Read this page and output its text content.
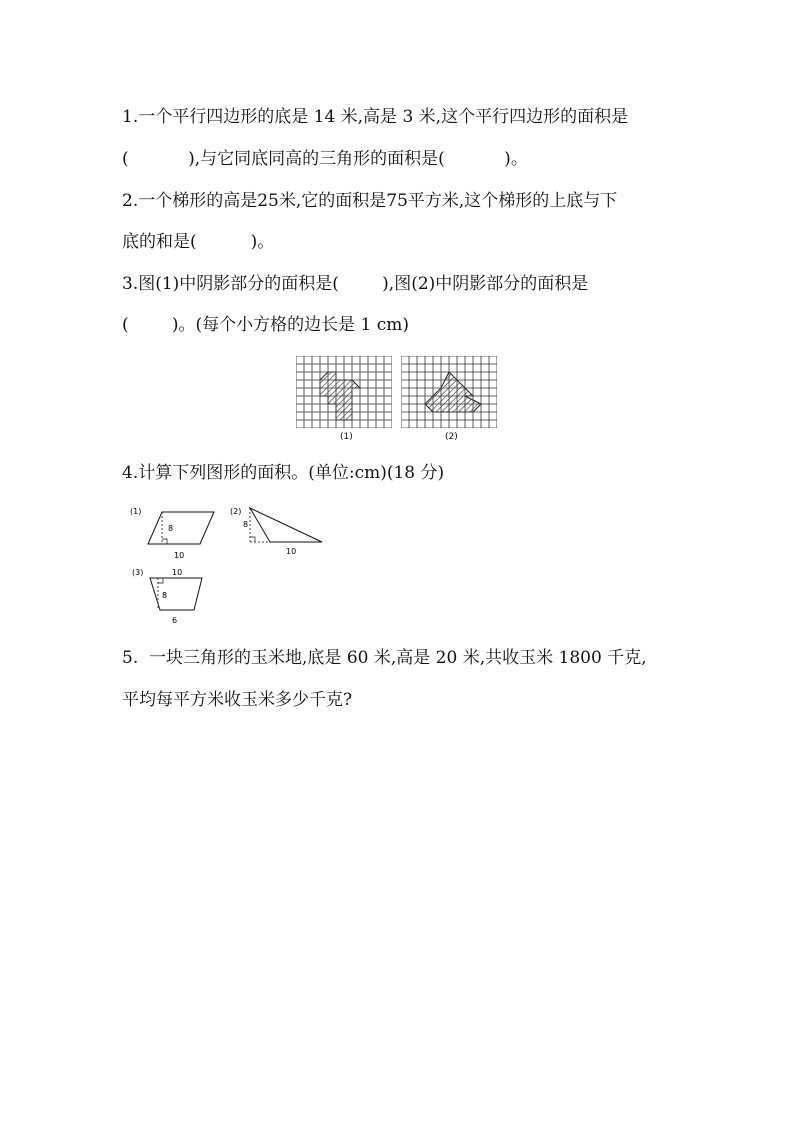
1.一个平行四边形的底是 14 米,高是 3 米,这个平行四边形的面积是
(           ),与它同底同高的三角形的面积是(           )。
2.一个梯形的高是25米,它的面积是75平方米,这个梯形的上底与下
底的和是(          )。
3.图(1)中阴影部分的面积是(        ),图(2)中阴影部分的面积是
(        )。(每个小方格的边长是 1 cm)
(1)	(2)
4.计算下列图形的面积。(单位:cm)(18 分)
(1)
8
10
(2)
8
10
(3)	10
8
6
5.  一块三角形的玉米地,底是 60 米,高是 20 米,共收玉米 1800 千克,
平均每平方米收玉米多少千克?
